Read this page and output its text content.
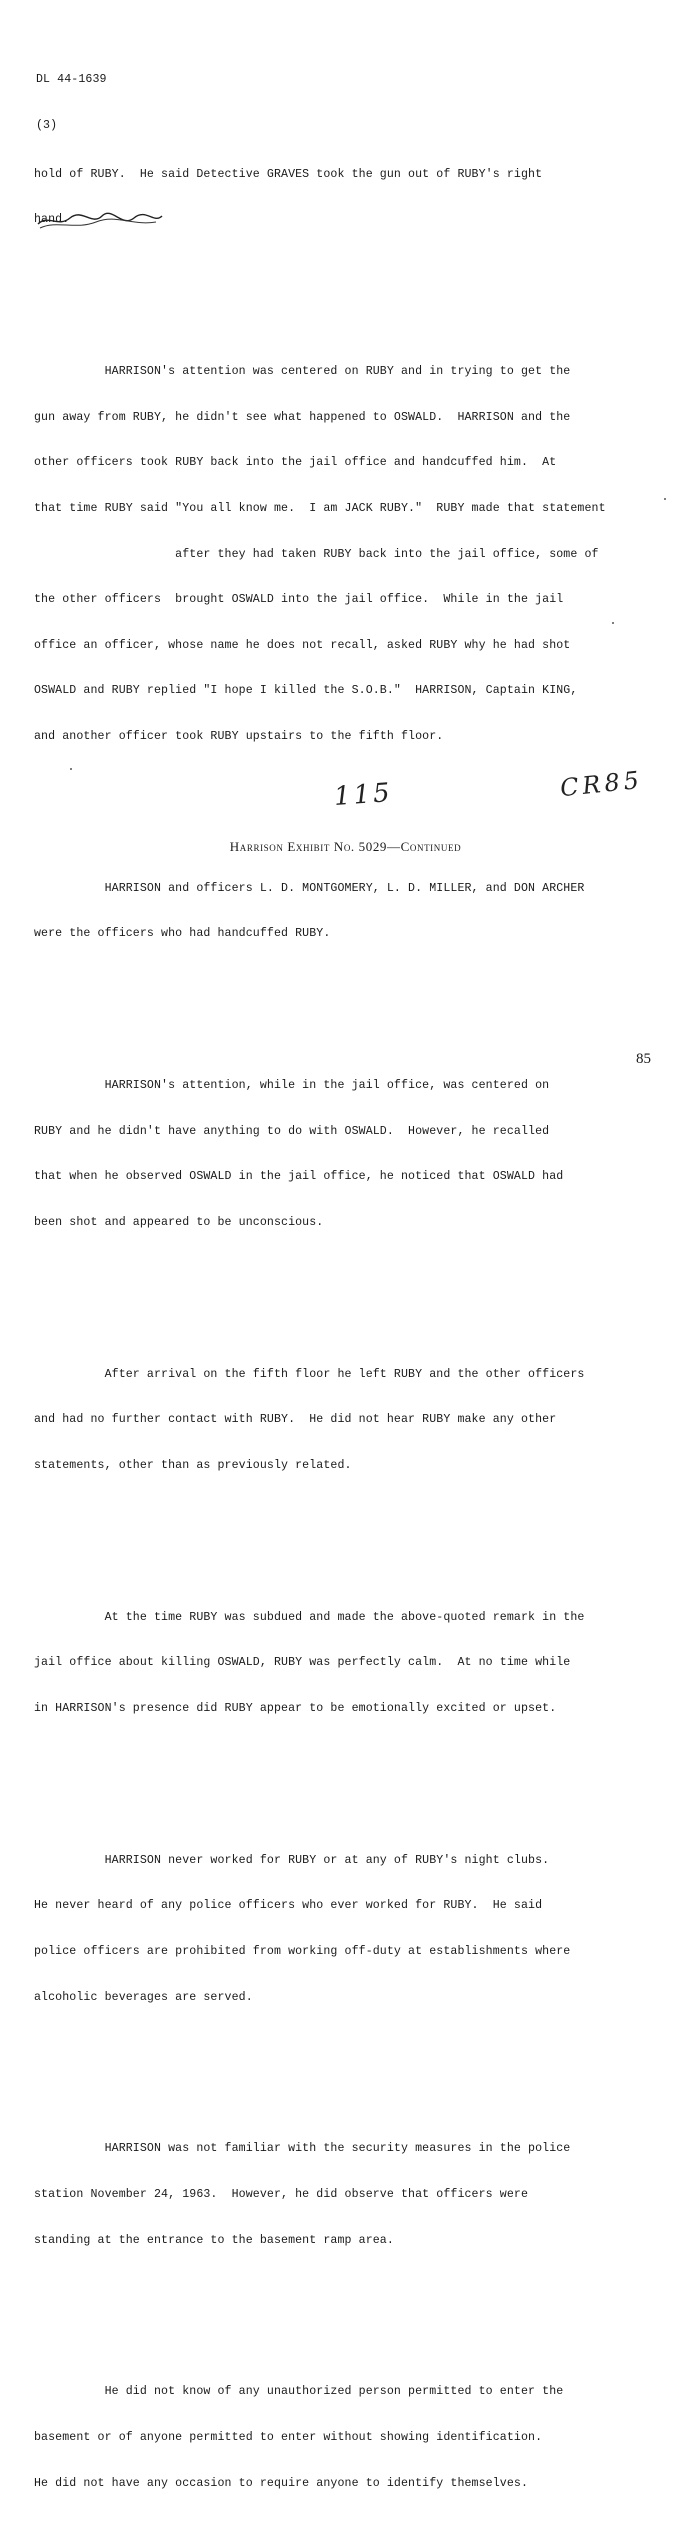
DL 44-1639

(3)

hold of RUBY.  He said Detective GRAVES took the gun out of RUBY's right

hand.

HARRISON's attention was centered on RUBY and in trying to get the

gun away from RUBY, he didn't see what happened to OSWALD.  HARRISON and the

other officers took RUBY back into the jail office and handcuffed him.  At

that time RUBY said "You all know me.  I am JACK RUBY."  RUBY made that statement

after they had taken RUBY back into the jail office, some of

the other officers  brought OSWALD into the jail office.  While in the jail

office an officer, whose name he does not recall, asked RUBY why he had shot

OSWALD and RUBY replied "I hope I killed the S.O.B."  HARRISON, Captain KING,

and another officer took RUBY upstairs to the fifth floor.

HARRISON and officers L. D. MONTGOMERY, L. D. MILLER, and DON ARCHER

were the officers who had handcuffed RUBY.

HARRISON's attention, while in the jail office, was centered on

RUBY and he didn't have anything to do with OSWALD.  However, he recalled

that when he observed OSWALD in the jail office, he noticed that OSWALD had

been shot and appeared to be unconscious.

After arrival on the fifth floor he left RUBY and the other officers

and had no further contact with RUBY.  He did not hear RUBY make any other

statements, other than as previously related.

At the time RUBY was subdued and made the above-quoted remark in the

jail office about killing OSWALD, RUBY was perfectly calm.  At no time while

in HARRISON's presence did RUBY appear to be emotionally excited or upset.

HARRISON never worked for RUBY or at any of RUBY's night clubs.

He never heard of any police officers who ever worked for RUBY.  He said

police officers are prohibited from working off-duty at establishments where

alcoholic beverages are served.

HARRISON was not familiar with the security measures in the police

station November 24, 1963.  However, he did observe that officers were

standing at the entrance to the basement ramp area.

He did not know of any unauthorized person permitted to enter the

basement or of anyone permitted to enter without showing identification.

He did not have any occasion to require anyone to identify themselves.

115	CR85
Harrison Exhibit No. 5029—Continued
85
